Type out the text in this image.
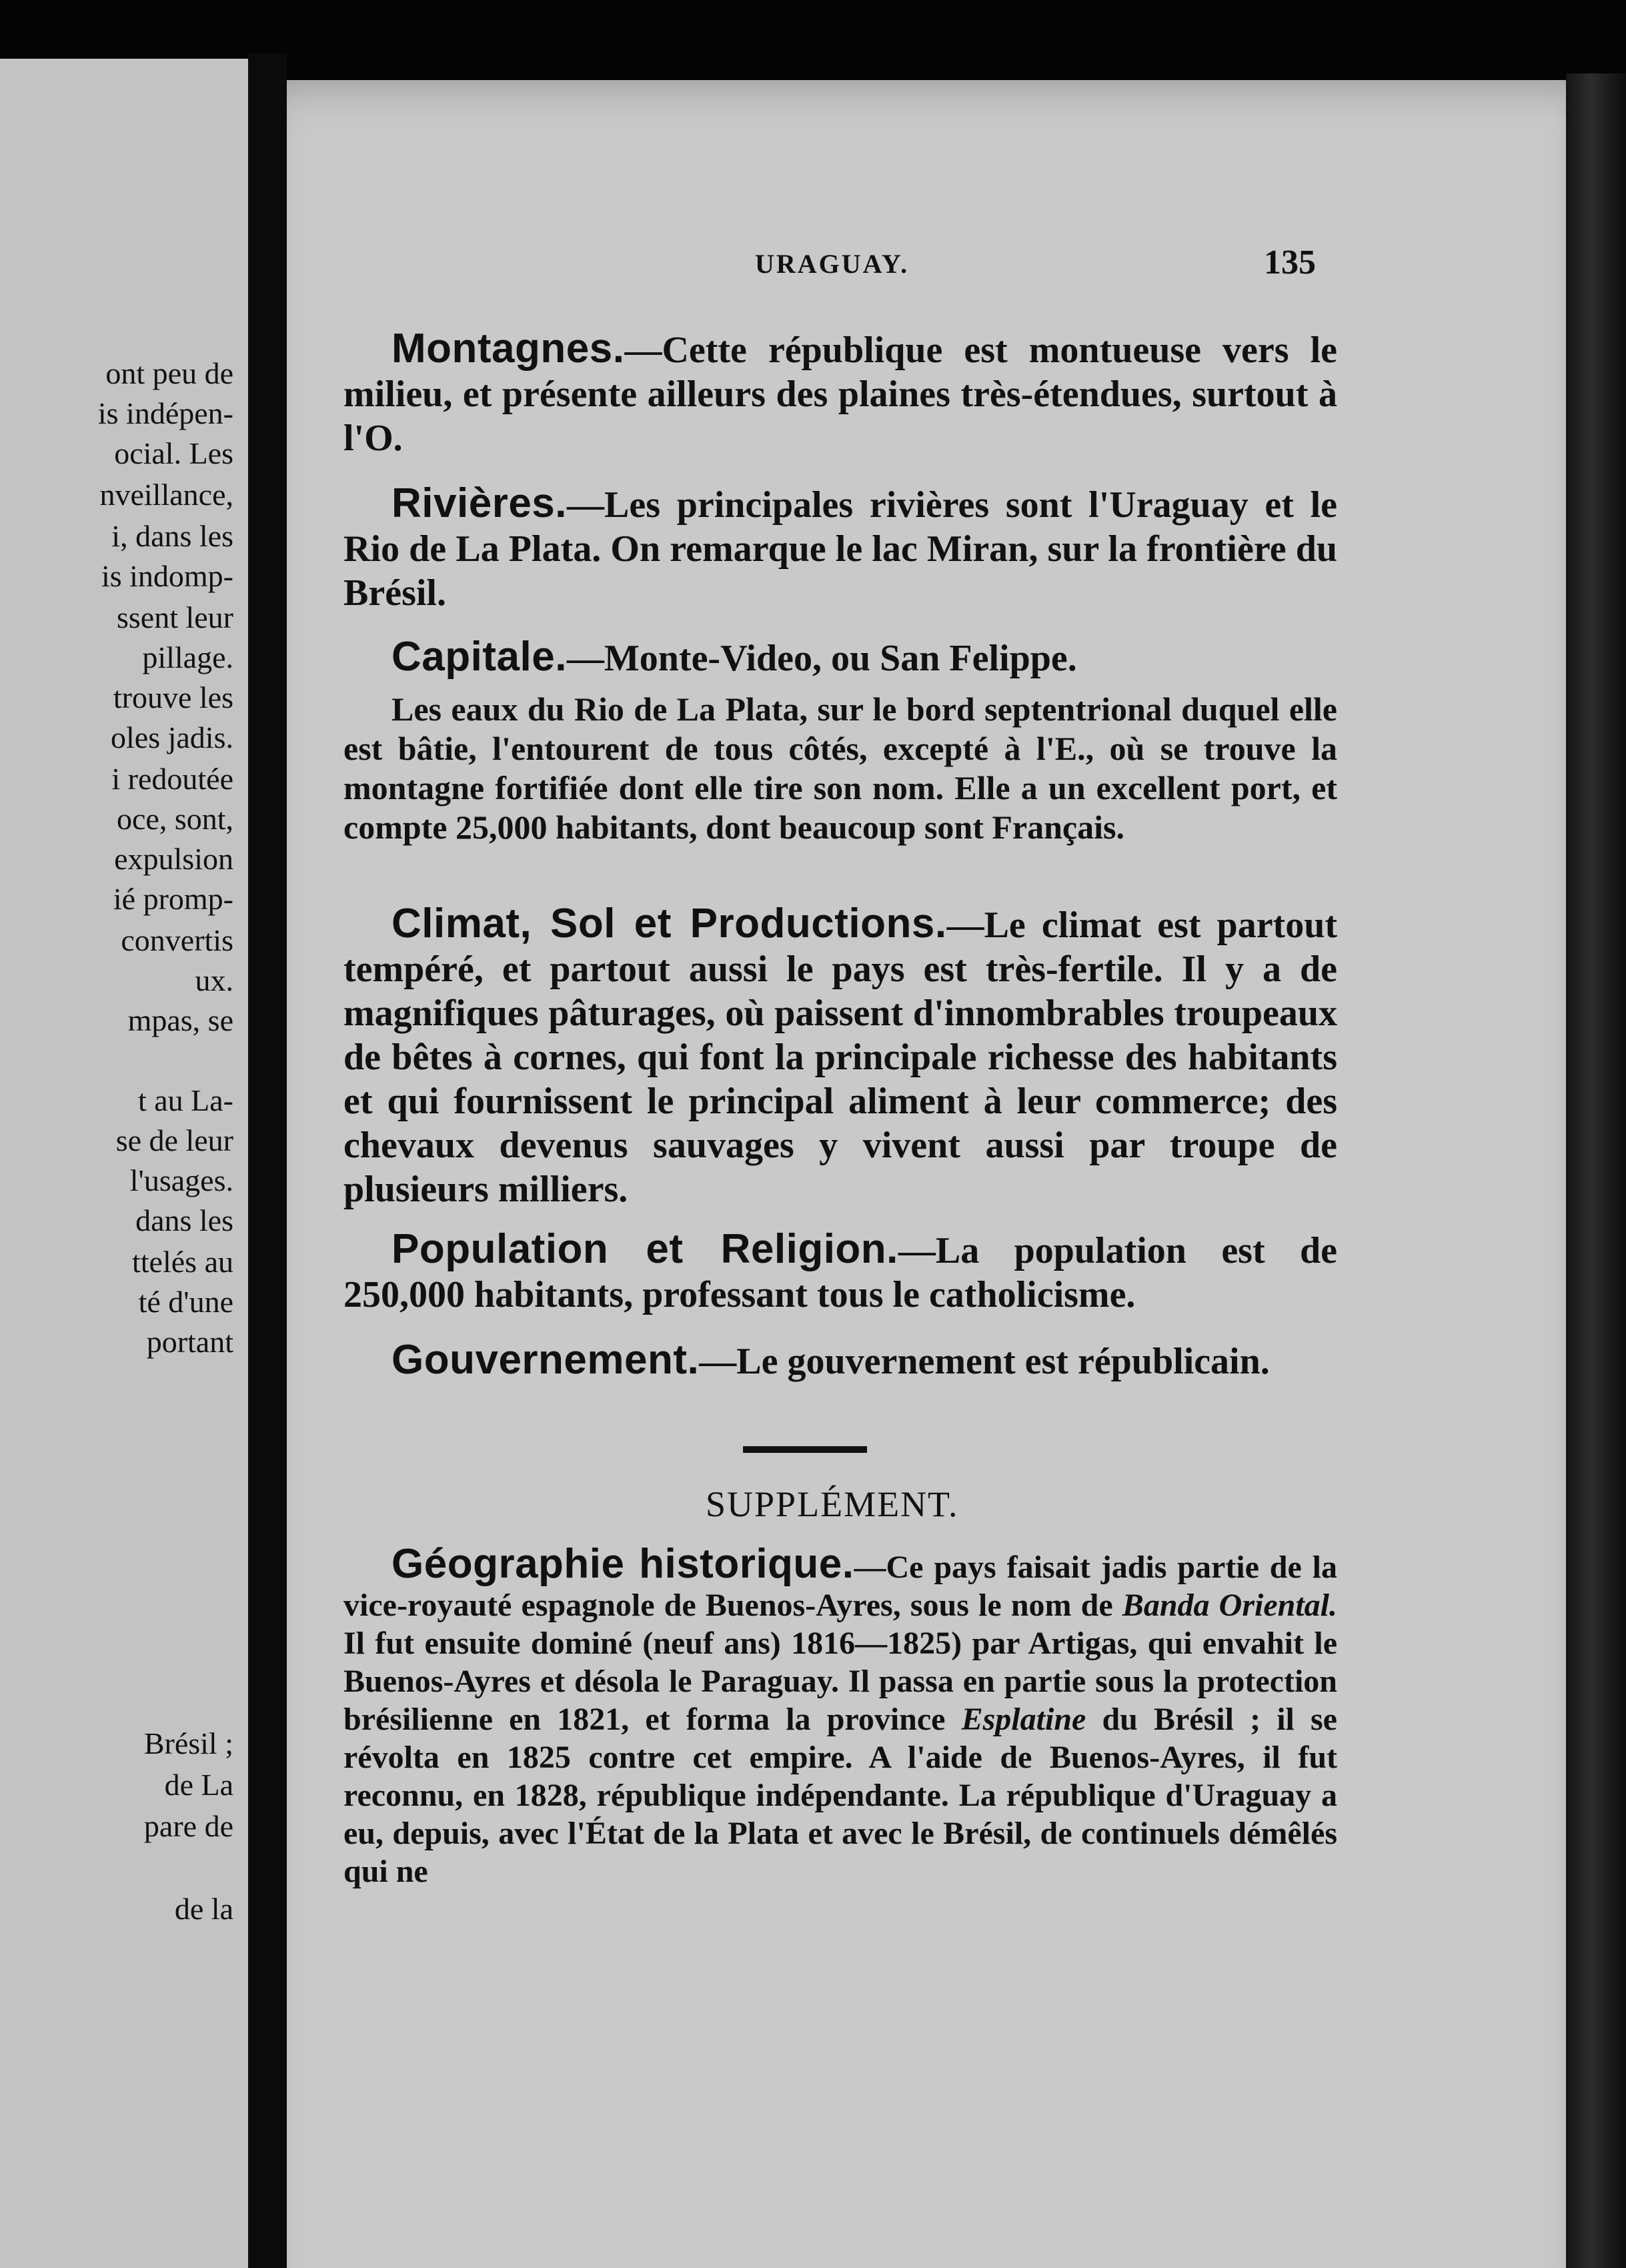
ont peu de
is indépen-
ocial. Les
nveillance,
i, dans les
is indomp-
ssent leur
pillage.
trouve les
oles jadis.
i redoutée
oce, sont,
expulsion
ié promp-
convertis
ux.
mpas, se
t au La-
se de leur
l'usages.
dans les
ttelés au
té d'une
portant
Brésil ;
de La
pare de
de la
URAGUAY.	135
Montagnes.—Cette république est montueuse vers le milieu, et présente ailleurs des plaines très-étendues, surtout à l'O.
Rivières.—Les principales rivières sont l'Uraguay et le Rio de La Plata. On remarque le lac Miran, sur la frontière du Brésil.
Capitale.—Monte-Video, ou San Felippe.
Les eaux du Rio de La Plata, sur le bord septentrional duquel elle est bâtie, l'entourent de tous côtés, excepté à l'E., où se trouve la montagne fortifiée dont elle tire son nom. Elle a un excellent port, et compte 25,000 habitants, dont beaucoup sont Français.
Climat, Sol et Productions.—Le climat est partout tempéré, et partout aussi le pays est très-fertile. Il y a de magnifiques pâturages, où paissent d'innombrables troupeaux de bêtes à cornes, qui font la principale richesse des habitants et qui fournissent le principal aliment à leur commerce; des chevaux devenus sauvages y vivent aussi par troupe de plusieurs milliers.
Population et Religion.—La population est de 250,000 habitants, professant tous le catholicisme.
Gouvernement.—Le gouvernement est républicain.
SUPPLÉMENT.
Géographie historique.—Ce pays faisait jadis partie de la vice-royauté espagnole de Buenos-Ayres, sous le nom de Banda Oriental. Il fut ensuite dominé (neuf ans) 1816—1825) par Artigas, qui envahit le Buenos-Ayres et désola le Paraguay. Il passa en partie sous la protection brésilienne en 1821, et forma la province Esplatine du Brésil ; il se révolta en 1825 contre cet empire. A l'aide de Buenos-Ayres, il fut reconnu, en 1828, république indépendante. La république d'Uraguay a eu, depuis, avec l'État de la Plata et avec le Brésil, de continuels démêlés qui ne
